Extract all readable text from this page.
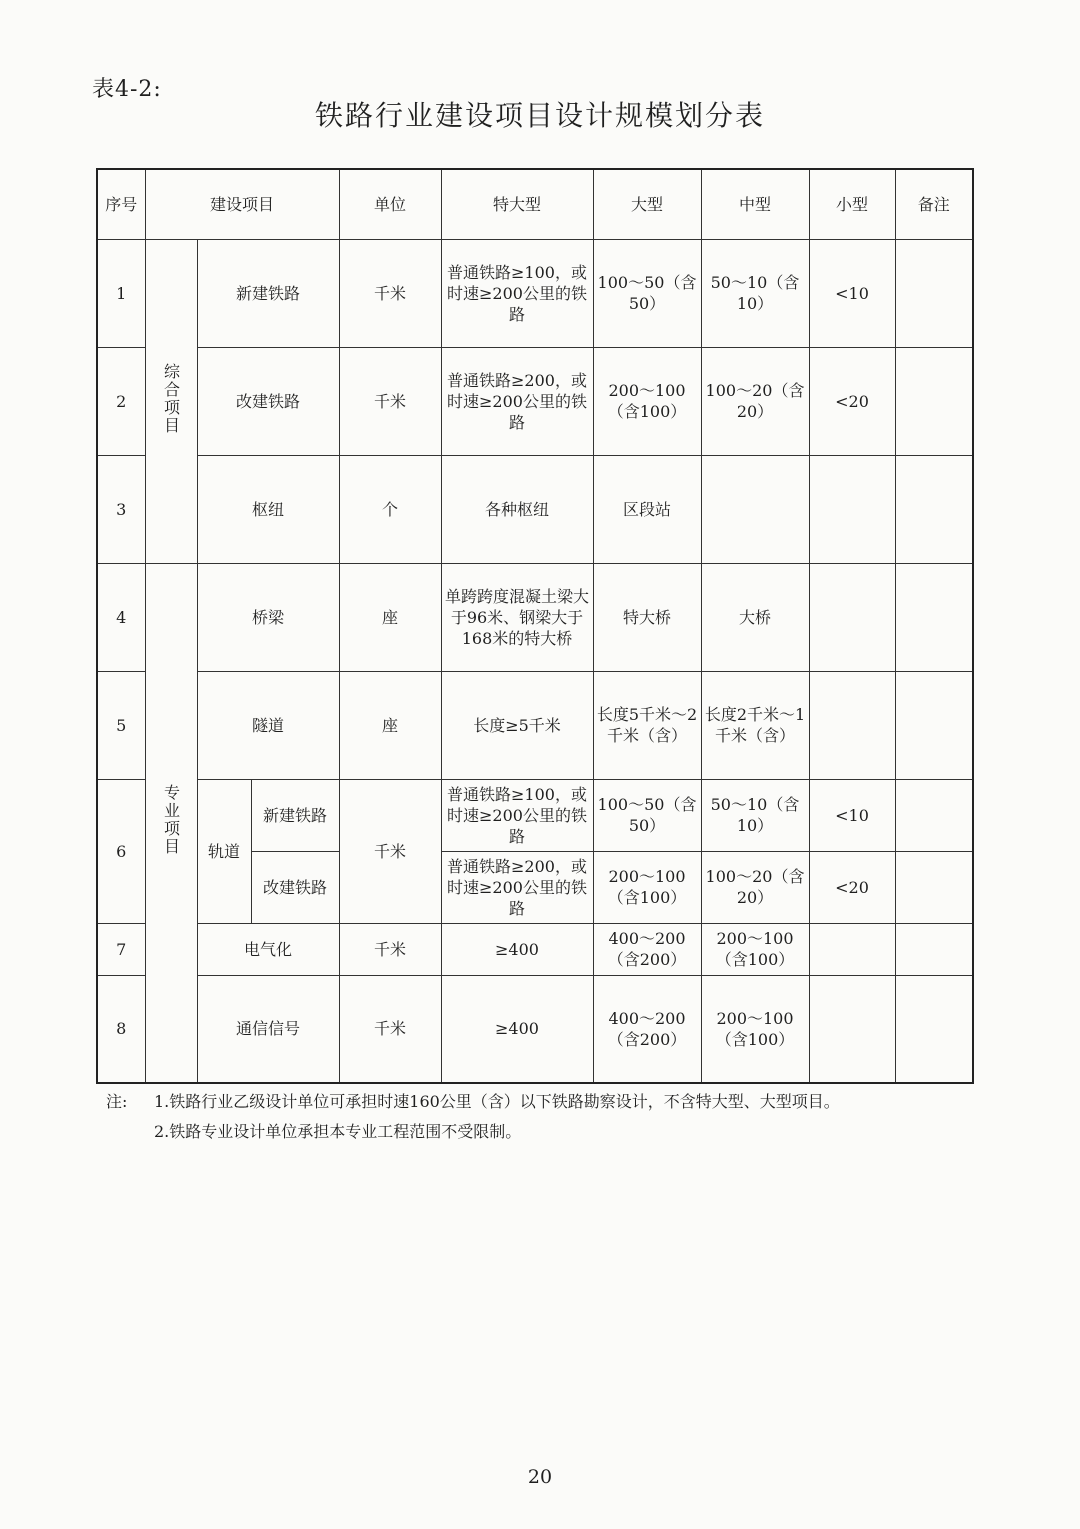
表4-2:
铁路行业建设项目设计规模划分表
序号	建设项目			单位	特大型	大型	中型	小型	备注
1	综合项目	新建铁路		千米	普通铁路≥100，或时速≥200公里的铁路	100～50（含50）	50～10（含10）	<10	
2		改建铁路		千米	普通铁路≥200，或时速≥200公里的铁路	200～100（含100）	100～20（含20）	<20	
3		枢纽		个	各种枢纽	区段站			
4	专业项目	桥梁		座	单跨跨度混凝土梁大于96米、钢梁大于168米的特大桥	特大桥	大桥		
5		隧道		座	长度≥5千米	长度5千米～2千米（含）	长度2千米～1千米（含）		
6		轨道	新建铁路	千米	普通铁路≥100，或时速≥200公里的铁路	100～50（含50）	50～10（含10）	<10	
			改建铁路		普通铁路≥200，或时速≥200公里的铁路	200～100（含100）	100～20（含20）	<20	
7		电气化		千米	≥400	400～200（含200）	200～100（含100）		
8		通信信号		千米	≥400	400～200（含200）	200～100（含100）		
注:	1.铁路行业乙级设计单位可承担时速160公里（含）以下铁路勘察设计，不含特大型、大型项目。
2.铁路专业设计单位承担本专业工程范围不受限制。
20
